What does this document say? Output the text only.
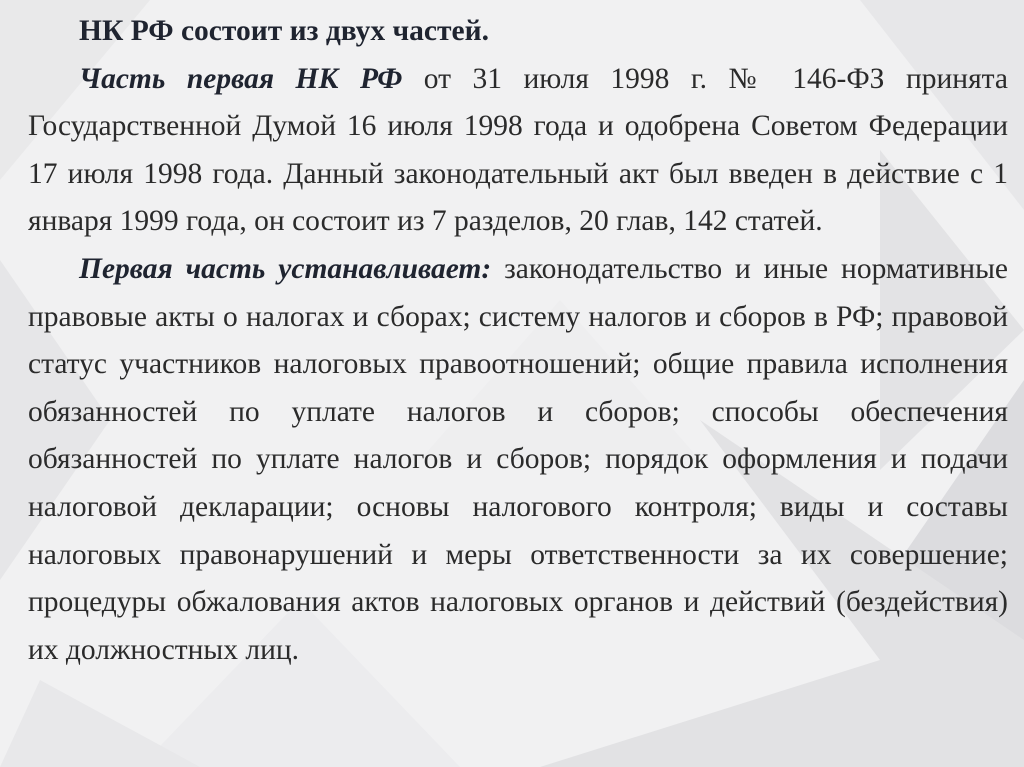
НК РФ состоит из двух частей.

Часть первая НК РФ от 31 июля 1998 г. № 146-ФЗ принята Государственной Думой 16 июля 1998 года и одобрена Советом Федерации 17 июля 1998 года. Данный законодательный акт был введен в действие с 1 января 1999 года, он состоит из 7 разделов, 20 глав, 142 статей.

Первая часть устанавливает: законодательство и иные нормативные правовые акты о налогах и сборах; систему налогов и сборов в РФ; правовой статус участников налоговых правоотношений; общие правила исполнения обязанностей по уплате налогов и сборов; способы обеспечения обязанностей по уплате налогов и сборов; порядок оформления и подачи налоговой декларации; основы налогового контроля; виды и составы налоговых правонарушений и меры ответственности за их совершение; процедуры обжалования актов налоговых органов и действий (бездействия) их должностных лиц.
